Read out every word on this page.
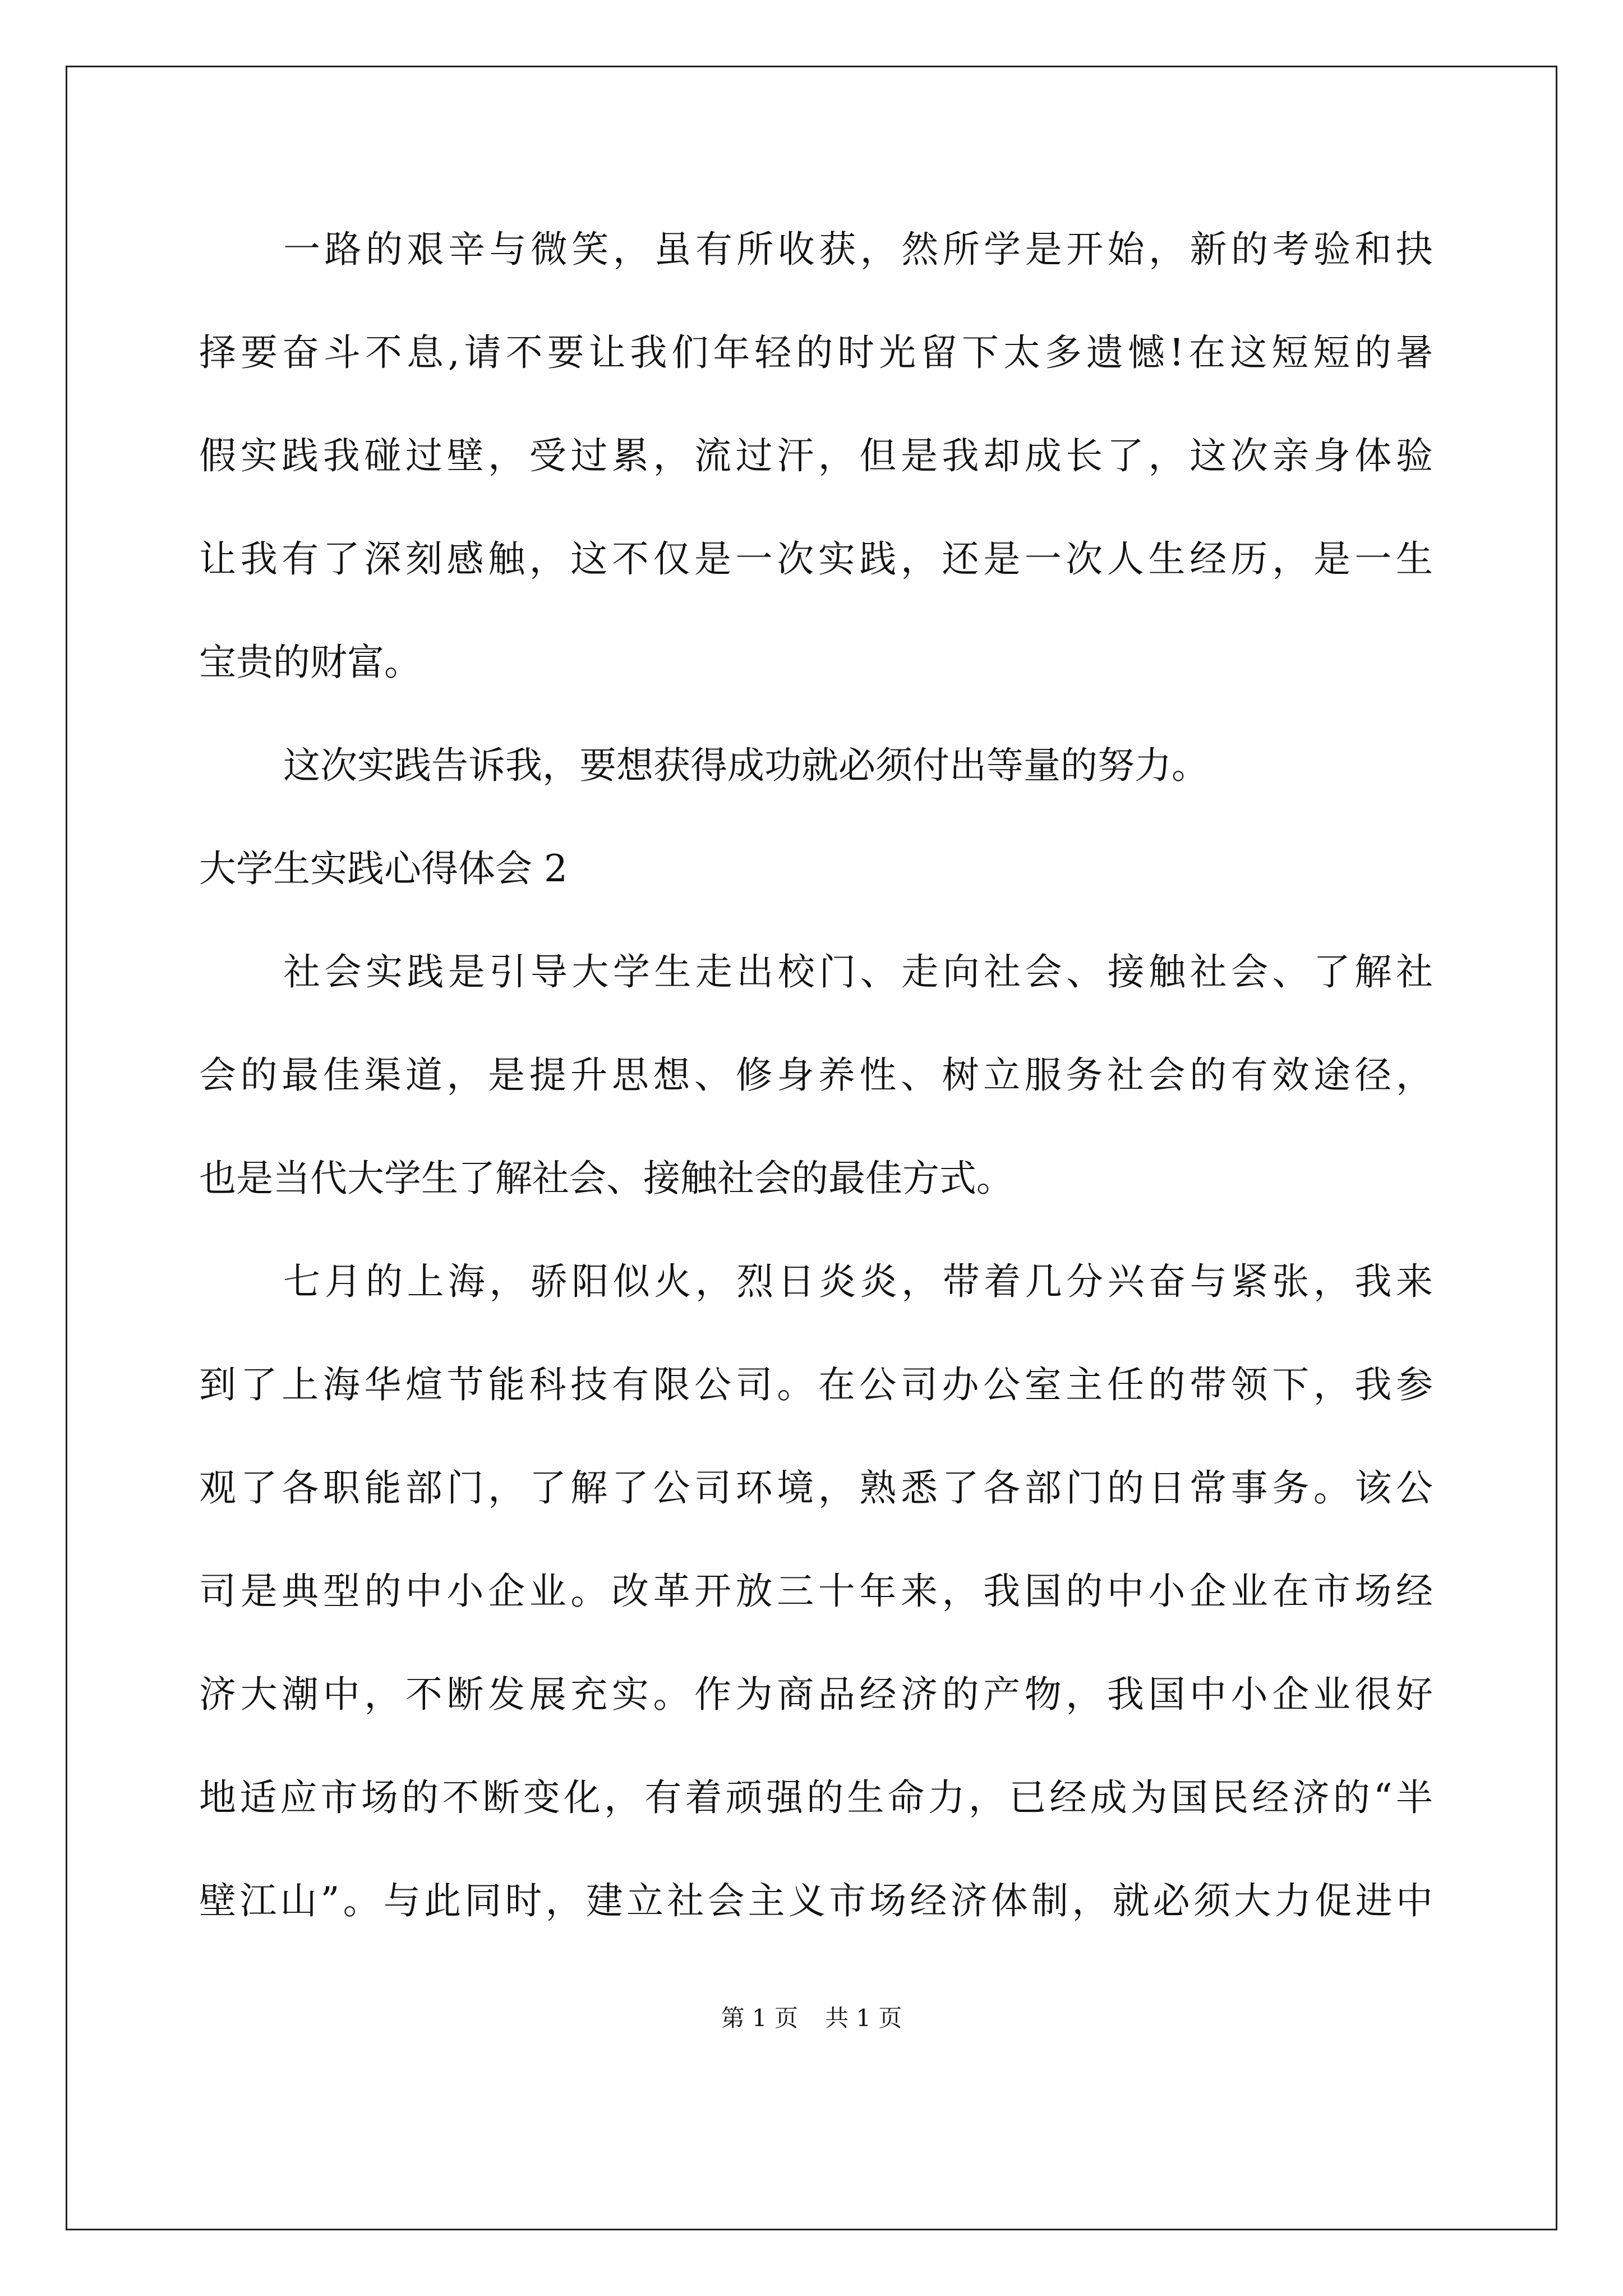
一路的艰辛与微笑，虽有所收获，然所学是开始，新的考验和抉

择要奋斗不息,请不要让我们年轻的时光留下太多遗憾!在这短短的暑

假实践我碰过壁，受过累，流过汗，但是我却成长了，这次亲身体验

让我有了深刻感触，这不仅是一次实践，还是一次人生经历，是一生

宝贵的财富。

这次实践告诉我，要想获得成功就必须付出等量的努力。

大学生实践心得体会 2

社会实践是引导大学生走出校门、走向社会、接触社会、了解社

会的最佳渠道，是提升思想、修身养性、树立服务社会的有效途径，

也是当代大学生了解社会、接触社会的最佳方式。

七月的上海，骄阳似火，烈日炎炎，带着几分兴奋与紧张，我来

到了上海华煊节能科技有限公司。在公司办公室主任的带领下，我参

观了各职能部门，了解了公司环境，熟悉了各部门的日常事务。该公

司是典型的中小企业。改革开放三十年来，我国的中小企业在市场经

济大潮中，不断发展充实。作为商品经济的产物，我国中小企业很好

地适应市场的不断变化，有着顽强的生命力，已经成为国民经济的“半

壁江山”。与此同时，建立社会主义市场经济体制，就必须大力促进中

第 1 页 共 1 页
